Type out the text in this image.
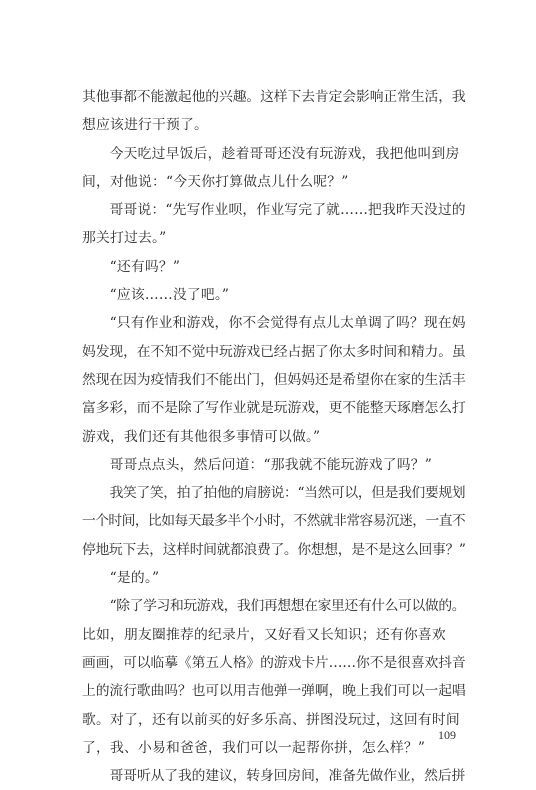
其他事都不能激起他的兴趣。这样下去肯定会影响正常生活，我
想应该进行干预了。
今天吃过早饭后，趁着哥哥还没有玩游戏，我把他叫到房
间，对他说：“今天你打算做点儿什么呢？”
哥哥说：“先写作业呗，作业写完了就……把我昨天没过的
那关打过去。”
“还有吗？”
“应该……没了吧。”
“只有作业和游戏，你不会觉得有点儿太单调了吗？现在妈
妈发现，在不知不觉中玩游戏已经占据了你太多时间和精力。虽
然现在因为疫情我们不能出门，但妈妈还是希望你在家的生活丰
富多彩，而不是除了写作业就是玩游戏，更不能整天琢磨怎么打
游戏，我们还有其他很多事情可以做。”
哥哥点点头，然后问道：“那我就不能玩游戏了吗？”
我笑了笑，拍了拍他的肩膀说：“当然可以，但是我们要规划
一个时间，比如每天最多半个小时，不然就非常容易沉迷，一直不
停地玩下去，这样时间就都浪费了。你想想，是不是这么回事？”
“是的。”
“除了学习和玩游戏，我们再想想在家里还有什么可以做的。
比如，朋友圈推荐的纪录片，又好看又长知识；还有你喜欢
画画，可以临摹《第五人格》的游戏卡片……你不是很喜欢抖音
上的流行歌曲吗？也可以用吉他弹一弹啊，晚上我们可以一起唱
歌。对了，还有以前买的好多乐高、拼图没玩过，这回有时间
了，我、小易和爸爸，我们可以一起帮你拼，怎么样？”
哥哥听从了我的建议，转身回房间，准备先做作业，然后拼
109
